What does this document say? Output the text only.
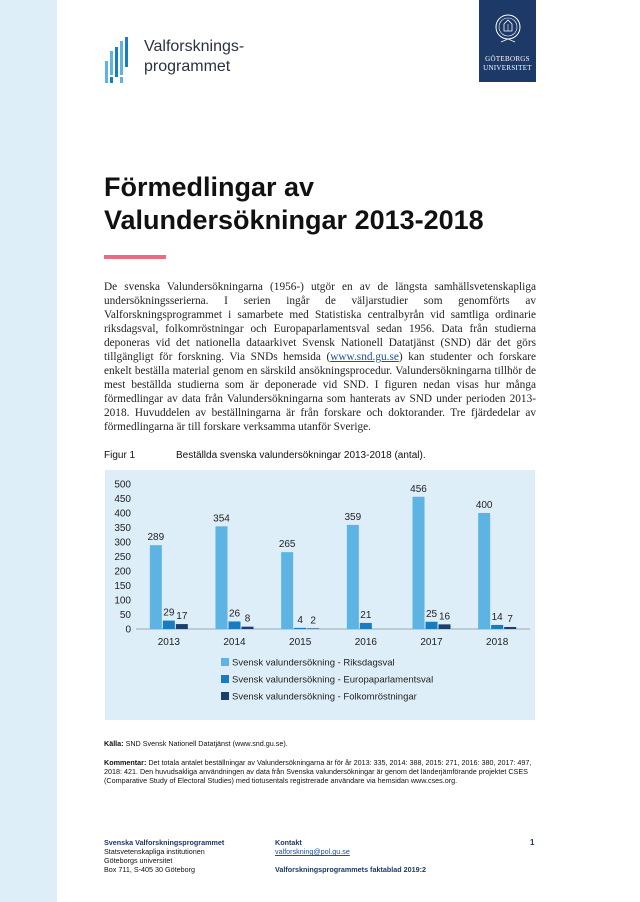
Valforsknings-
programmet	GÖTEBORGS
UNIVERSITET
Förmedlingar av
Valundersökningar 2013-2018

De svenska Valundersökningarna (1956-) utgör en av de längsta samhällsvetenskapliga undersökningsserierna. I serien ingår de väljarstudier som genomförts av Valforskningsprogrammet i samarbete med Statistiska centralbyrån vid samtliga ordinarie riksdagsval, folkomröstningar och Europaparlamentsval sedan 1956. Data från studierna deponeras vid det nationella dataarkivet Svensk Nationell Datatjänst (SND) där det görs tillgängligt för forskning. Via SNDs hemsida (www.snd.gu.se) kan studenter och forskare enkelt beställa material genom en särskild ansökningsprocedur. Valundersökningarna tillhör de mest beställda studierna som är deponerade vid SND. I figuren nedan visas hur många förmedlingar av data från Valundersökningarna som hanterats av SND under perioden 2013-2018. Huvuddelen av beställningarna är från forskare och doktorander. Tre fjärdedelar av förmedlingarna är till forskare verksamma utanför Sverige.

Figur 1	Beställda svenska valundersökningar 2013-2018 (antal).
500
450
400
350
300
250
200
150
100
50
0
289
29 17
2013
354
26 8
2014
265
4 2
2015
359
21
2016
456
25 16
2017
400
14 7
2018
Svensk valundersökning - Riksdagsval
Svensk valundersökning - Europaparlamentsval
Svensk valundersökning - Folkomröstningar
Källa: SND Svensk Nationell Datatjänst (www.snd.gu.se).

Kommentar: Det totala antalet beställningar av Valundersökningarna är för år 2013: 335, 2014: 388, 2015: 271, 2016: 380, 2017: 497, 2018: 421. Den huvudsakliga användningen av data från Svenska valundersökningar är genom det länderjämförande projektet CSES (Comparative Study of Electoral Studies) med tiotusentals registrerade användare via hemsidan www.cses.org.

Svenska Valforskningsprogrammet
Statsvetenskapliga institutionen
Göteborgs universitet
Box 711, S-405 30 Göteborg
Kontakt
valforskning@pol.gu.se
Valforskningsprogrammets faktablad 2019:2
1
